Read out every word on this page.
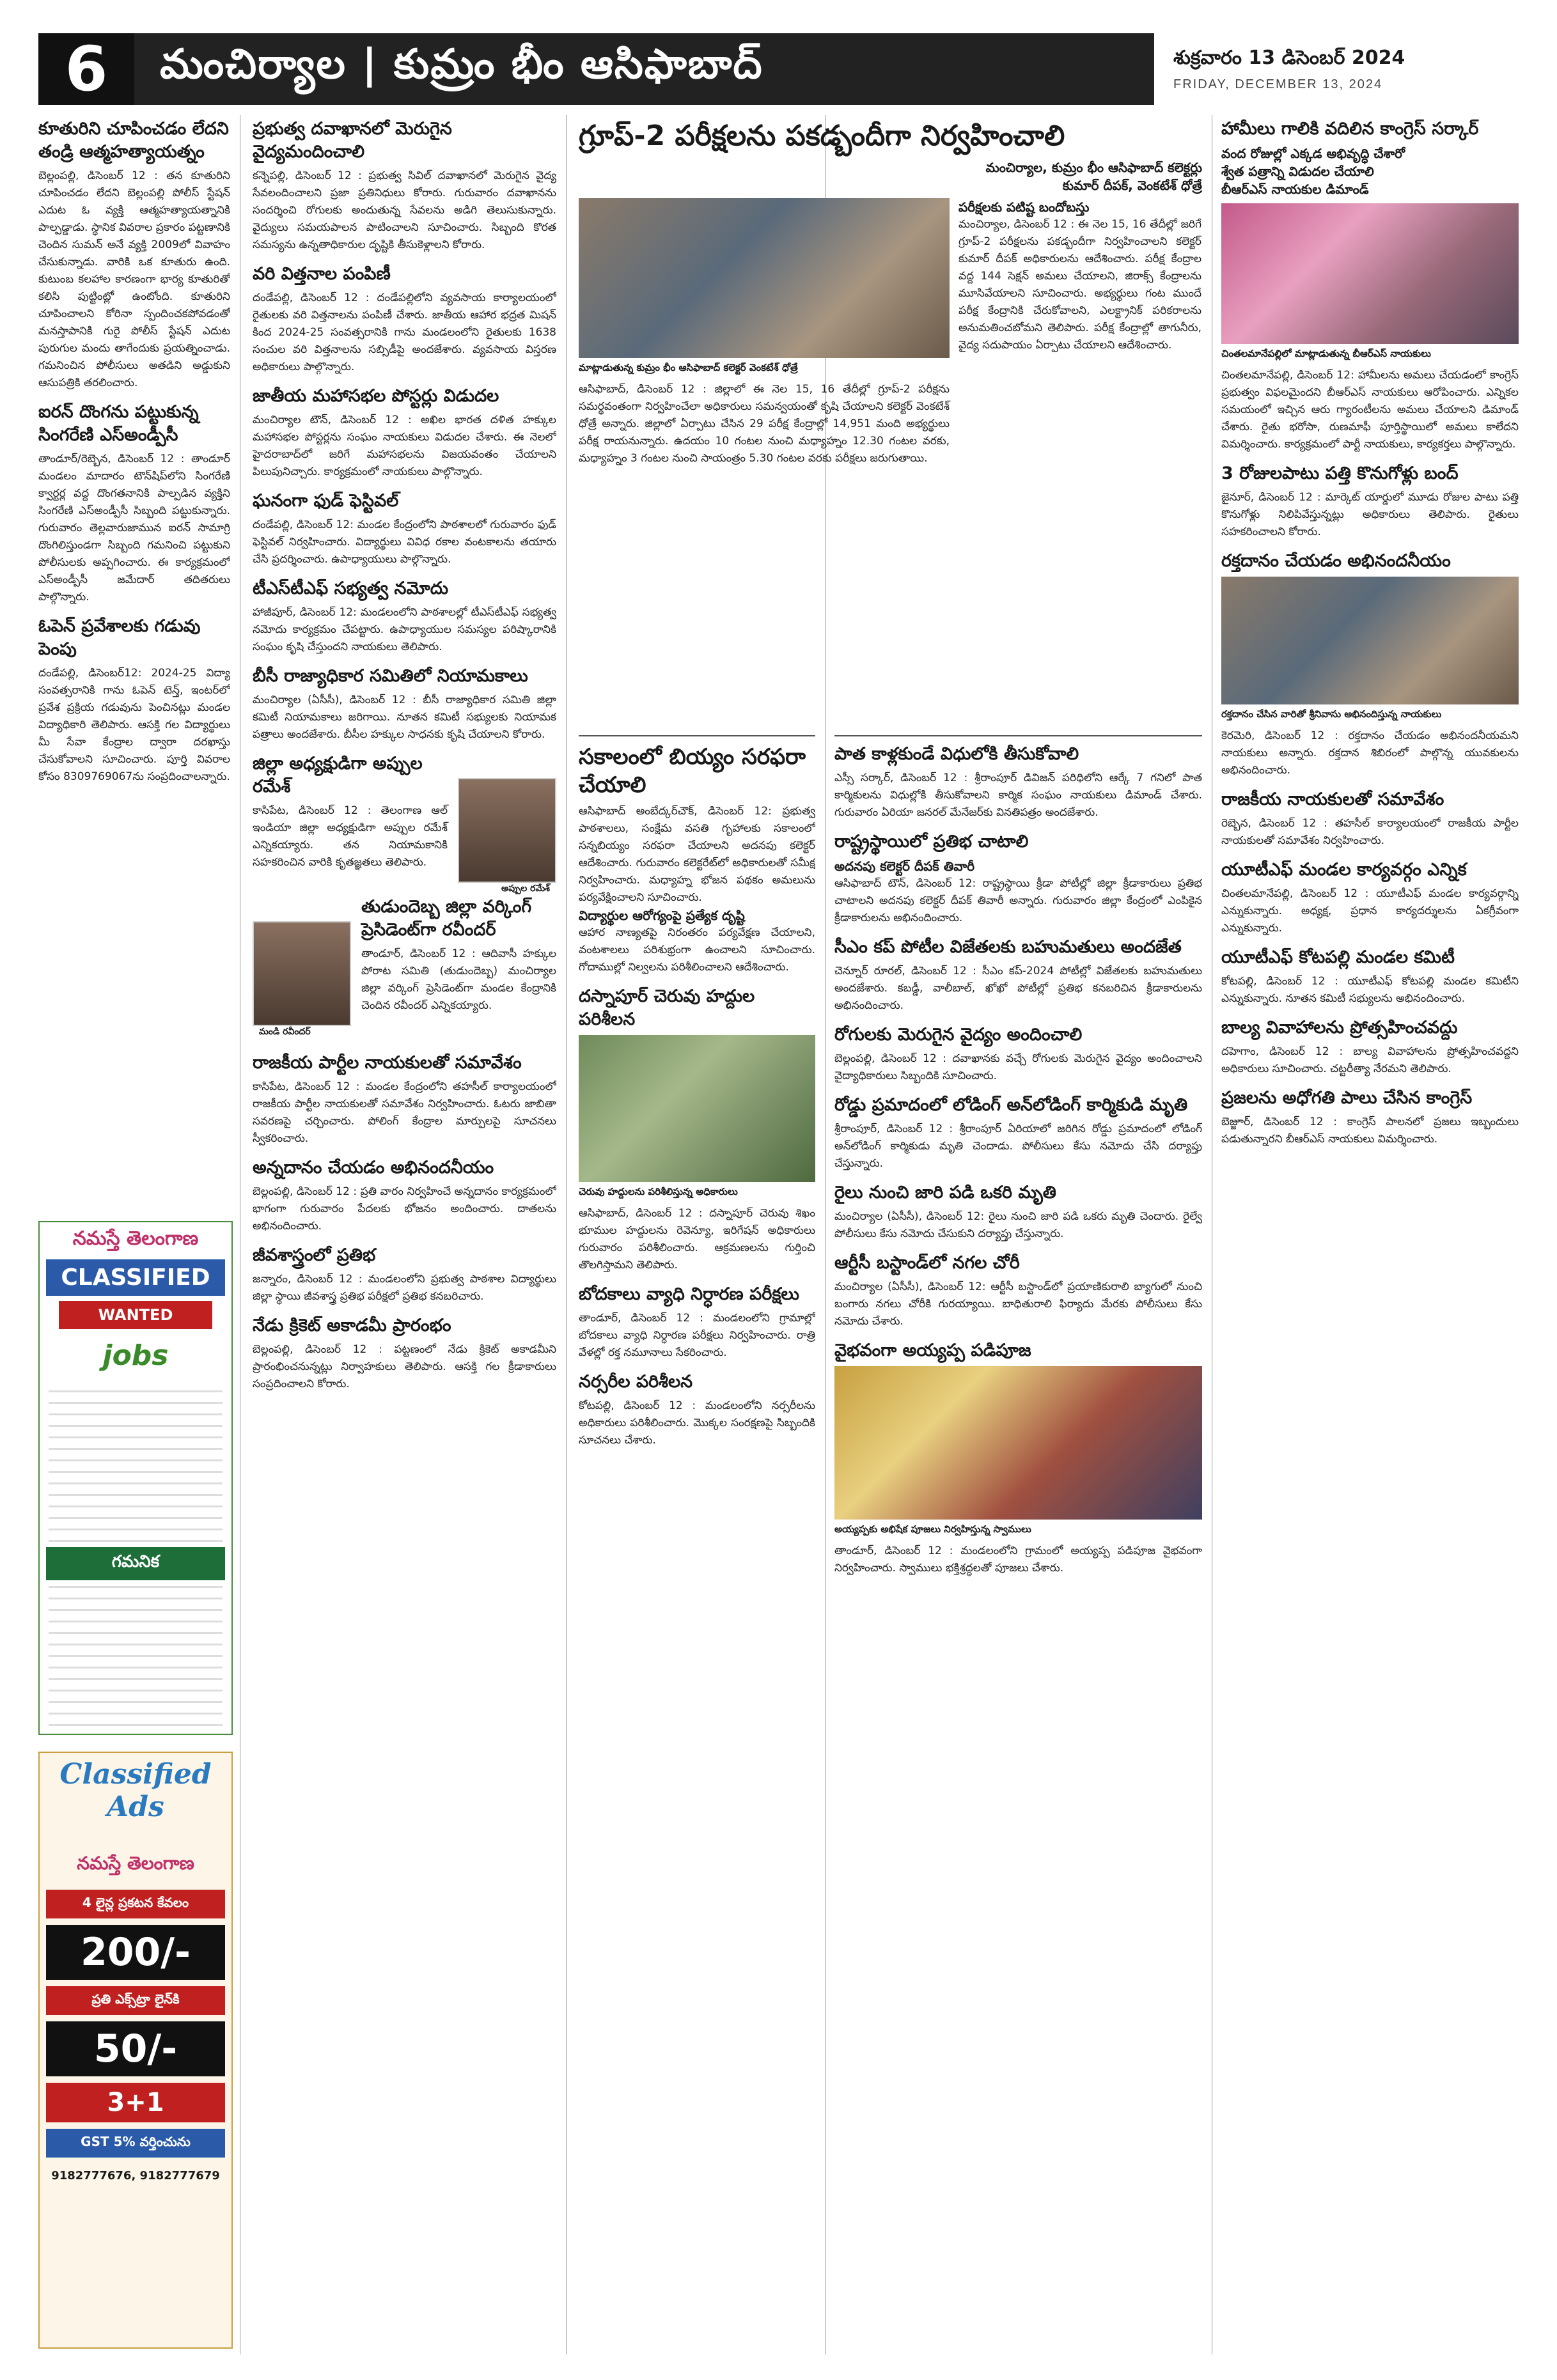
6	మంచిర్యాల | కుమ్రం భీం ఆసిఫాబాద్	శుక్రవారం 13 డిసెంబర్ 2024
FRIDAY, DECEMBER 13, 2024
కూతురిని చూపించడం లేదని తండ్రి ఆత్మహత్యాయత్నం
బెల్లంపల్లి, డిసెంబర్ 12 : తన కూతురిని చూపించడం లేదని బెల్లంపల్లి పోలీస్ స్టేషన్ ఎదుట ఓ వ్యక్తి ఆత్మహత్యాయత్నానికి పాల్పడ్డాడు. స్థానిక వివరాల ప్రకారం పట్టణానికి చెందిన సుమన్ అనే వ్యక్తి 2009లో వివాహం చేసుకున్నాడు. వారికి ఒక కూతురు ఉంది. కుటుంబ కలహాల కారణంగా భార్య కూతురితో కలిసి పుట్టింట్లో ఉంటోంది. కూతురిని చూపించాలని కోరినా స్పందించకపోవడంతో మనస్తాపానికి గురై పోలీస్ స్టేషన్ ఎదుట పురుగుల మందు తాగేందుకు ప్రయత్నించాడు. గమనించిన పోలీసులు అతడిని అడ్డుకుని ఆసుపత్రికి తరలించారు.
ఐరన్ దొంగను పట్టుకున్న సింగరేణి ఎస్అండ్పీసీ
తాండూర్/రెబ్బెన, డిసెంబర్ 12 : తాండూర్ మండలం మాదారం టౌన్‌షిప్‌లోని సింగరేణి క్వార్టర్ల వద్ద దొంగతనానికి పాల్పడిన వ్యక్తిని సింగరేణి ఎస్అండ్పీసీ సిబ్బంది పట్టుకున్నారు. గురువారం తెల్లవారుజామున ఐరన్ సామాగ్రి దొంగిలిస్తుండగా సిబ్బంది గమనించి పట్టుకుని పోలీసులకు అప్పగించారు. ఈ కార్యక్రమంలో ఎస్అండ్పీసీ జమేదార్ తదితరులు పాల్గొన్నారు.
ఓపెన్ ప్రవేశాలకు గడువు పెంపు
దండేపల్లి, డిసెంబర్12: 2024-25 విద్యా సంవత్సరానికి గాను ఓపెన్ టెన్త్, ఇంటర్‌లో ప్రవేశ ప్రక్రియ గడువును పెంచినట్లు మండల విద్యాధికారి తెలిపారు. ఆసక్తి గల విద్యార్థులు మీ సేవా కేంద్రాల ద్వారా దరఖాస్తు చేసుకోవాలని సూచించారు. పూర్తి వివరాల కోసం 8309769067ను సంప్రదించాలన్నారు.
నమస్తే తెలంగాణ
CLASSIFIED
WANTED
jobs
గమనిక
Classified Ads
నమస్తే తెలంగాణ
4 లైన్ల ప్రకటన కేవలం
200/-
ప్రతి ఎక్స్‌ట్రా లైన్‌కి
50/-
3+1
GST 5% వర్తించును
9182777676, 9182777679
ప్రభుత్వ దవాఖానలో మెరుగైన వైద్యమందించాలి
కన్నెపల్లి, డిసెంబర్ 12 : ప్రభుత్వ సివిల్ దవాఖానలో మెరుగైన వైద్య సేవలందించాలని ప్రజా ప్రతినిధులు కోరారు. గురువారం దవాఖానను సందర్శించి రోగులకు అందుతున్న సేవలను అడిగి తెలుసుకున్నారు. వైద్యులు సమయపాలన పాటించాలని సూచించారు. సిబ్బంది కొరత సమస్యను ఉన్నతాధికారుల దృష్టికి తీసుకెళ్లాలని కోరారు.
వరి విత్తనాల పంపిణీ
దండేపల్లి, డిసెంబర్ 12 : దండేపల్లిలోని వ్యవసాయ కార్యాలయంలో రైతులకు వరి విత్తనాలను పంపిణీ చేశారు. జాతీయ ఆహార భద్రత మిషన్ కింద 2024-25 సంవత్సరానికి గాను మండలంలోని రైతులకు 1638 సంచుల వరి విత్తనాలను సబ్సిడీపై అందజేశారు. వ్యవసాయ విస్తరణ అధికారులు పాల్గొన్నారు.
జాతీయ మహాసభల పోస్టర్లు విడుదల
మంచిర్యాల టౌన్, డిసెంబర్ 12 : అఖిల భారత దళిత హక్కుల మహాసభల పోస్టర్లను సంఘం నాయకులు విడుదల చేశారు. ఈ నెలలో హైదరాబాద్‌లో జరిగే మహాసభలను విజయవంతం చేయాలని పిలుపునిచ్చారు. కార్యక్రమంలో నాయకులు పాల్గొన్నారు.
ఘనంగా ఫుడ్ ఫెస్టివల్
దండేపల్లి, డిసెంబర్ 12: మండల కేంద్రంలోని పాఠశాలలో గురువారం ఫుడ్ ఫెస్టివల్ నిర్వహించారు. విద్యార్థులు వివిధ రకాల వంటకాలను తయారు చేసి ప్రదర్శించారు. ఉపాధ్యాయులు పాల్గొన్నారు.
టీఎస్‌టీఎఫ్ సభ్యత్వ నమోదు
హాజీపూర్, డిసెంబర్ 12: మండలంలోని పాఠశాలల్లో టీఎస్‌టీఎఫ్ సభ్యత్వ నమోదు కార్యక్రమం చేపట్టారు. ఉపాధ్యాయుల సమస్యల పరిష్కారానికి సంఘం కృషి చేస్తుందని నాయకులు తెలిపారు.
బీసీ రాజ్యాధికార సమితిలో నియామకాలు
మంచిర్యాల (ఏసీసీ), డిసెంబర్ 12 : బీసీ రాజ్యాధికార సమితి జిల్లా కమిటీ నియామకాలు జరిగాయి. నూతన కమిటీ సభ్యులకు నియామక పత్రాలు అందజేశారు. బీసీల హక్కుల సాధనకు కృషి చేయాలని కోరారు.
జిల్లా అధ్యక్షుడిగా అప్పుల రమేశ్
కాసిపేట, డిసెంబర్ 12 : తెలంగాణ ఆల్ ఇండియా జిల్లా అధ్యక్షుడిగా అప్పుల రమేశ్ ఎన్నికయ్యారు. తన నియామకానికి సహకరించిన వారికి కృతజ్ఞతలు తెలిపారు.
అప్పుల రమేశ్
తుడుందెబ్బ జిల్లా వర్కింగ్ ప్రెసిడెంట్‌గా రవీందర్
తాండూర్, డిసెంబర్ 12 : ఆదివాసీ హక్కుల పోరాట సమితి (తుడుందెబ్బ) మంచిర్యాల జిల్లా వర్కింగ్ ప్రెసిడెంట్‌గా మండల కేంద్రానికి చెందిన రవీందర్ ఎన్నికయ్యారు.
మండి రవీందర్
రాజకీయ పార్టీల నాయకులతో సమావేశం
కాసిపేట, డిసెంబర్ 12 : మండల కేంద్రంలోని తహసీల్ కార్యాలయంలో రాజకీయ పార్టీల నాయకులతో సమావేశం నిర్వహించారు. ఓటరు జాబితా సవరణపై చర్చించారు. పోలింగ్ కేంద్రాల మార్పులపై సూచనలు స్వీకరించారు.
అన్నదానం చేయడం అభినందనీయం
బెల్లంపల్లి, డిసెంబర్ 12 : ప్రతి వారం నిర్వహించే అన్నదానం కార్యక్రమంలో భాగంగా గురువారం పేదలకు భోజనం అందించారు. దాతలను అభినందించారు.
జీవశాస్త్రంలో ప్రతిభ
జన్నారం, డిసెంబర్ 12 : మండలంలోని ప్రభుత్వ పాఠశాల విద్యార్థులు జిల్లా స్థాయి జీవశాస్త్ర ప్రతిభ పరీక్షలో ప్రతిభ కనబరిచారు.
నేడు క్రికెట్ అకాడమీ ప్రారంభం
బెల్లంపల్లి, డిసెంబర్ 12 : పట్టణంలో నేడు క్రికెట్ అకాడమీని ప్రారంభించనున్నట్లు నిర్వాహకులు తెలిపారు. ఆసక్తి గల క్రీడాకారులు సంప్రదించాలని కోరారు.
గ్రూప్-2 పరీక్షలను పకడ్బందీగా నిర్వహించాలి
మంచిర్యాల, కుమ్రం భీం ఆసిఫాబాద్ కలెక్టర్లు
కుమార్ దీపక్, వెంకటేశ్ ధోత్రే
మాట్లాడుతున్న కుమ్రం భీం ఆసిఫాబాద్ కలెక్టర్ వెంకటేశ్ ధోత్రే
ఆసిఫాబాద్, డిసెంబర్ 12 : జిల్లాలో ఈ నెల 15, 16 తేదీల్లో గ్రూప్-2 పరీక్షను సమర్థవంతంగా నిర్వహించేలా అధికారులు సమన్వయంతో కృషి చేయాలని కలెక్టర్ వెంకటేశ్ ధోత్రే అన్నారు. జిల్లాలో ఏర్పాటు చేసిన 29 పరీక్ష కేంద్రాల్లో 14,951 మంది అభ్యర్థులు పరీక్ష రాయనున్నారు. ఉదయం 10 గంటల నుంచి మధ్యాహ్నం 12.30 గంటల వరకు, మధ్యాహ్నం 3 గంటల నుంచి సాయంత్రం 5.30 గంటల వరకు పరీక్షలు జరుగుతాయి.
పరీక్షలకు పటిష్ట బందోబస్తు
మంచిర్యాల, డిసెంబర్ 12 : ఈ నెల 15, 16 తేదీల్లో జరిగే గ్రూప్-2 పరీక్షలను పకడ్బందీగా నిర్వహించాలని కలెక్టర్ కుమార్ దీపక్ అధికారులను ఆదేశించారు. పరీక్ష కేంద్రాల వద్ద 144 సెక్షన్ అమలు చేయాలని, జిరాక్స్ కేంద్రాలను మూసివేయాలని సూచించారు. అభ్యర్థులు గంట ముందే పరీక్ష కేంద్రానికి చేరుకోవాలని, ఎలక్ట్రానిక్ పరికరాలను అనుమతించబోమని తెలిపారు. పరీక్ష కేంద్రాల్లో తాగునీరు, వైద్య సదుపాయం ఏర్పాటు చేయాలని ఆదేశించారు.
సకాలంలో బియ్యం సరఫరా చేయాలి
ఆసిఫాబాద్ అంబేద్కర్‌చౌక్, డిసెంబర్ 12: ప్రభుత్వ పాఠశాలలు, సంక్షేమ వసతి గృహాలకు సకాలంలో సన్నబియ్యం సరఫరా చేయాలని అదనపు కలెక్టర్ ఆదేశించారు. గురువారం కలెక్టరేట్‌లో అధికారులతో సమీక్ష నిర్వహించారు. మధ్యాహ్న భోజన పథకం అమలును పర్యవేక్షించాలని సూచించారు.
విద్యార్థుల ఆరోగ్యంపై ప్రత్యేక దృష్టి
ఆహార నాణ్యతపై నిరంతరం పర్యవేక్షణ చేయాలని, వంటశాలలు పరిశుభ్రంగా ఉంచాలని సూచించారు. గోదాముల్లో నిల్వలను పరిశీలించాలని ఆదేశించారు.
దస్నాపూర్ చెరువు హద్దుల పరిశీలన
చెరువు హద్దులను పరిశీలిస్తున్న అధికారులు
ఆసిఫాబాద్, డిసెంబర్ 12 : దస్నాపూర్ చెరువు శిఖం భూముల హద్దులను రెవెన్యూ, ఇరిగేషన్ అధికారులు గురువారం పరిశీలించారు. ఆక్రమణలను గుర్తించి తొలగిస్తామని తెలిపారు.
బోదకాలు వ్యాధి నిర్ధారణ పరీక్షలు
తాండూర్, డిసెంబర్ 12 : మండలంలోని గ్రామాల్లో బోదకాలు వ్యాధి నిర్ధారణ పరీక్షలు నిర్వహించారు. రాత్రి వేళల్లో రక్త నమూనాలు సేకరించారు.
నర్సరీల పరిశీలన
కోటపల్లి, డిసెంబర్ 12 : మండలంలోని నర్సరీలను అధికారులు పరిశీలించారు. మొక్కల సంరక్షణపై సిబ్బందికి సూచనలు చేశారు.
పాత కాళ్లకుండే విధులోకి తీసుకోవాలి
ఎస్సీ సర్కార్, డిసెంబర్ 12 : శ్రీరాంపూర్ డివిజన్ పరిధిలోని ఆర్కే 7 గనిలో పాత కార్మికులను విధుల్లోకి తీసుకోవాలని కార్మిక సంఘం నాయకులు డిమాండ్ చేశారు. గురువారం ఏరియా జనరల్ మేనేజర్‌కు వినతిపత్రం అందజేశారు.
రాష్ట్రస్థాయిలో ప్రతిభ చాటాలి
అదనపు కలెక్టర్ దీపక్ తివారీ
ఆసిఫాబాద్ టౌన్, డిసెంబర్ 12: రాష్ట్రస్థాయి క్రీడా పోటీల్లో జిల్లా క్రీడాకారులు ప్రతిభ చాటాలని అదనపు కలెక్టర్ దీపక్ తివారీ అన్నారు. గురువారం జిల్లా కేంద్రంలో ఎంపికైన క్రీడాకారులను అభినందించారు.
సీఎం కప్ పోటీల విజేతలకు బహుమతులు అందజేత
చెన్నూర్ రూరల్, డిసెంబర్ 12 : సీఎం కప్-2024 పోటీల్లో విజేతలకు బహుమతులు అందజేశారు. కబడ్డీ, వాలీబాల్, ఖోఖో పోటీల్లో ప్రతిభ కనబరిచిన క్రీడాకారులను అభినందించారు.
రోగులకు మెరుగైన వైద్యం అందించాలి
బెల్లంపల్లి, డిసెంబర్ 12 : దవాఖానకు వచ్చే రోగులకు మెరుగైన వైద్యం అందించాలని వైద్యాధికారులు సిబ్బందికి సూచించారు.
రోడ్డు ప్రమాదంలో లోడింగ్ అన్‌లోడింగ్ కార్మికుడి మృతి
శ్రీరాంపూర్, డిసెంబర్ 12 : శ్రీరాంపూర్ ఏరియాలో జరిగిన రోడ్డు ప్రమాదంలో లోడింగ్ అన్‌లోడింగ్ కార్మికుడు మృతి చెందాడు. పోలీసులు కేసు నమోదు చేసి దర్యాప్తు చేస్తున్నారు.
రైలు నుంచి జారి పడి ఒకరి మృతి
మంచిర్యాల (ఏసీసీ), డిసెంబర్ 12: రైలు నుంచి జారి పడి ఒకరు మృతి చెందారు. రైల్వే పోలీసులు కేసు నమోదు చేసుకుని దర్యాప్తు చేస్తున్నారు.
ఆర్టీసీ బస్టాండ్‌లో నగల చోరీ
మంచిర్యాల (ఏసీసీ), డిసెంబర్ 12: ఆర్టీసీ బస్టాండ్‌లో ప్రయాణికురాలి బ్యాగులో నుంచి బంగారు నగలు చోరీకి గురయ్యాయి. బాధితురాలి ఫిర్యాదు మేరకు పోలీసులు కేసు నమోదు చేశారు.
వైభవంగా అయ్యప్ప పడిపూజ
అయ్యప్పకు అభిషేక పూజలు నిర్వహిస్తున్న స్వాములు
తాండూర్, డిసెంబర్ 12 : మండలంలోని గ్రామంలో అయ్యప్ప పడిపూజ వైభవంగా నిర్వహించారు. స్వాములు భక్తిశ్రద్ధలతో పూజలు చేశారు.
హామీలు గాలికి వదిలిన కాంగ్రెస్ సర్కార్
వంద రోజుల్లో ఎక్కడ అభివృద్ధి చేశారో
శ్వేత పత్రాన్ని విడుదల చేయాలి
బీఆర్ఎస్ నాయకుల డిమాండ్
చింతలమానేపల్లిలో మాట్లాడుతున్న బీఆర్ఎస్ నాయకులు
చింతలమానేపల్లి, డిసెంబర్ 12: హామీలను అమలు చేయడంలో కాంగ్రెస్ ప్రభుత్వం విఫలమైందని బీఆర్ఎస్ నాయకులు ఆరోపించారు. ఎన్నికల సమయంలో ఇచ్చిన ఆరు గ్యారంటీలను అమలు చేయాలని డిమాండ్ చేశారు. రైతు భరోసా, రుణమాఫీ పూర్తిస్థాయిలో అమలు కాలేదని విమర్శించారు. కార్యక్రమంలో పార్టీ నాయకులు, కార్యకర్తలు పాల్గొన్నారు.
3 రోజులపాటు పత్తి కొనుగోళ్లు బంద్
జైనూర్, డిసెంబర్ 12 : మార్కెట్ యార్డులో మూడు రోజుల పాటు పత్తి కొనుగోళ్లు నిలిపివేస్తున్నట్లు అధికారులు తెలిపారు. రైతులు సహకరించాలని కోరారు.
రక్తదానం చేయడం అభినందనీయం
రక్తదానం చేసిన వారితో శ్రీనివాసు అభినందిస్తున్న నాయకులు
కెరమెరి, డిసెంబర్ 12 : రక్తదానం చేయడం అభినందనీయమని నాయకులు అన్నారు. రక్తదాన శిబిరంలో పాల్గొన్న యువకులను అభినందించారు.
రాజకీయ నాయకులతో సమావేశం
రెబ్బెన, డిసెంబర్ 12 : తహసీల్ కార్యాలయంలో రాజకీయ పార్టీల నాయకులతో సమావేశం నిర్వహించారు.
యూటీఎఫ్ మండల కార్యవర్గం ఎన్నిక
చింతలమానేపల్లి, డిసెంబర్ 12 : యూటీఎఫ్ మండల కార్యవర్గాన్ని ఎన్నుకున్నారు. అధ్యక్ష, ప్రధాన కార్యదర్శులను ఏకగ్రీవంగా ఎన్నుకున్నారు.
యూటీఎఫ్ కోటపల్లి మండల కమిటీ
కోటపల్లి, డిసెంబర్ 12 : యూటీఎఫ్ కోటపల్లి మండల కమిటీని ఎన్నుకున్నారు. నూతన కమిటీ సభ్యులను అభినందించారు.
బాల్య వివాహాలను ప్రోత్సహించవద్దు
దహెగాం, డిసెంబర్ 12 : బాల్య వివాహాలను ప్రోత్సహించవద్దని అధికారులు సూచించారు. చట్టరీత్యా నేరమని తెలిపారు.
ప్రజలను అధోగతి పాలు చేసిన కాంగ్రెస్
బెజ్జూర్, డిసెంబర్ 12 : కాంగ్రెస్ పాలనలో ప్రజలు ఇబ్బందులు పడుతున్నారని బీఆర్ఎస్ నాయకులు విమర్శించారు.
